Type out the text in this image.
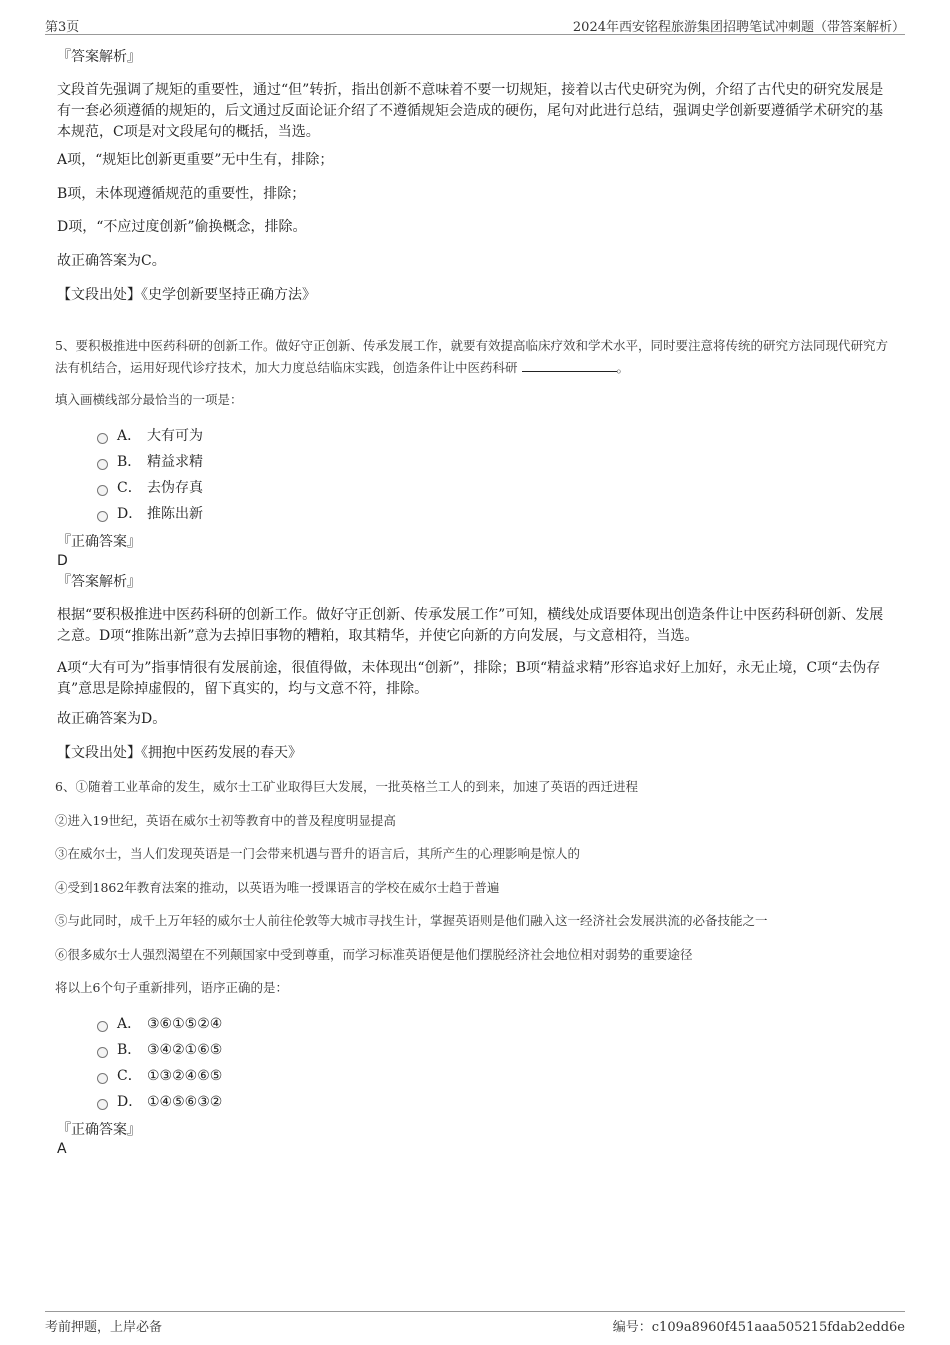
第3页	2024年西安铭程旅游集团招聘笔试冲刺题（带答案解析）

『答案解析』

文段首先强调了规矩的重要性，通过“但”转折，指出创新不意味着不要一切规矩，接着以古代史研究为例，介绍了古代史的研究发展是有一套必须遵循的规矩的，后文通过反面论证介绍了不遵循规矩会造成的硬伤，尾句对此进行总结，强调史学创新要遵循学术研究的基本规范，C项是对文段尾句的概括，当选。

A项，“规矩比创新更重要”无中生有，排除；

B项，未体现遵循规范的重要性，排除；

D项，“不应过度创新”偷换概念，排除。

故正确答案为C。

【文段出处】《史学创新要坚持正确方法》

5、要积极推进中医药科研的创新工作。做好守正创新、传承发展工作，就要有效提高临床疗效和学术水平，同时要注意将传统的研究方法同现代研究方法有机结合，运用好现代诊疗技术，加大力度总结临床实践，创造条件让中医药科研	。

填入画横线部分最恰当的一项是：

A． 大有可为
B． 精益求精
C． 去伪存真
D． 推陈出新
『正确答案』
D
『答案解析』

根据“要积极推进中医药科研的创新工作。做好守正创新、传承发展工作”可知，横线处成语要体现出创造条件让中医药科研创新、发展之意。D项“推陈出新”意为去掉旧事物的糟粕，取其精华，并使它向新的方向发展，与文意相符，当选。

A项“大有可为”指事情很有发展前途，很值得做，未体现出“创新”，排除；B项“精益求精”形容追求好上加好，永无止境，C项“去伪存真”意思是除掉虚假的，留下真实的，均与文意不符，排除。

故正确答案为D。

【文段出处】《拥抱中医药发展的春天》

6、①随着工业革命的发生，威尔士工矿业取得巨大发展，一批英格兰工人的到来，加速了英语的西迁进程

②进入19世纪，英语在威尔士初等教育中的普及程度明显提高

③在威尔士，当人们发现英语是一门会带来机遇与晋升的语言后，其所产生的心理影响是惊人的

④受到1862年教育法案的推动，以英语为唯一授课语言的学校在威尔士趋于普遍

⑤与此同时，成千上万年轻的威尔士人前往伦敦等大城市寻找生计，掌握英语则是他们融入这一经济社会发展洪流的必备技能之一

⑥很多威尔士人强烈渴望在不列颠国家中受到尊重，而学习标准英语便是他们摆脱经济社会地位相对弱势的重要途径

将以上6个句子重新排列，语序正确的是：

A． ③⑥①⑤②④
B． ③④②①⑥⑤
C． ①③②④⑥⑤
D． ①④⑤⑥③②
『正确答案』
A
考前押题，上岸必备	编号：c109a8960f451aaa505215fdab2edd6e
